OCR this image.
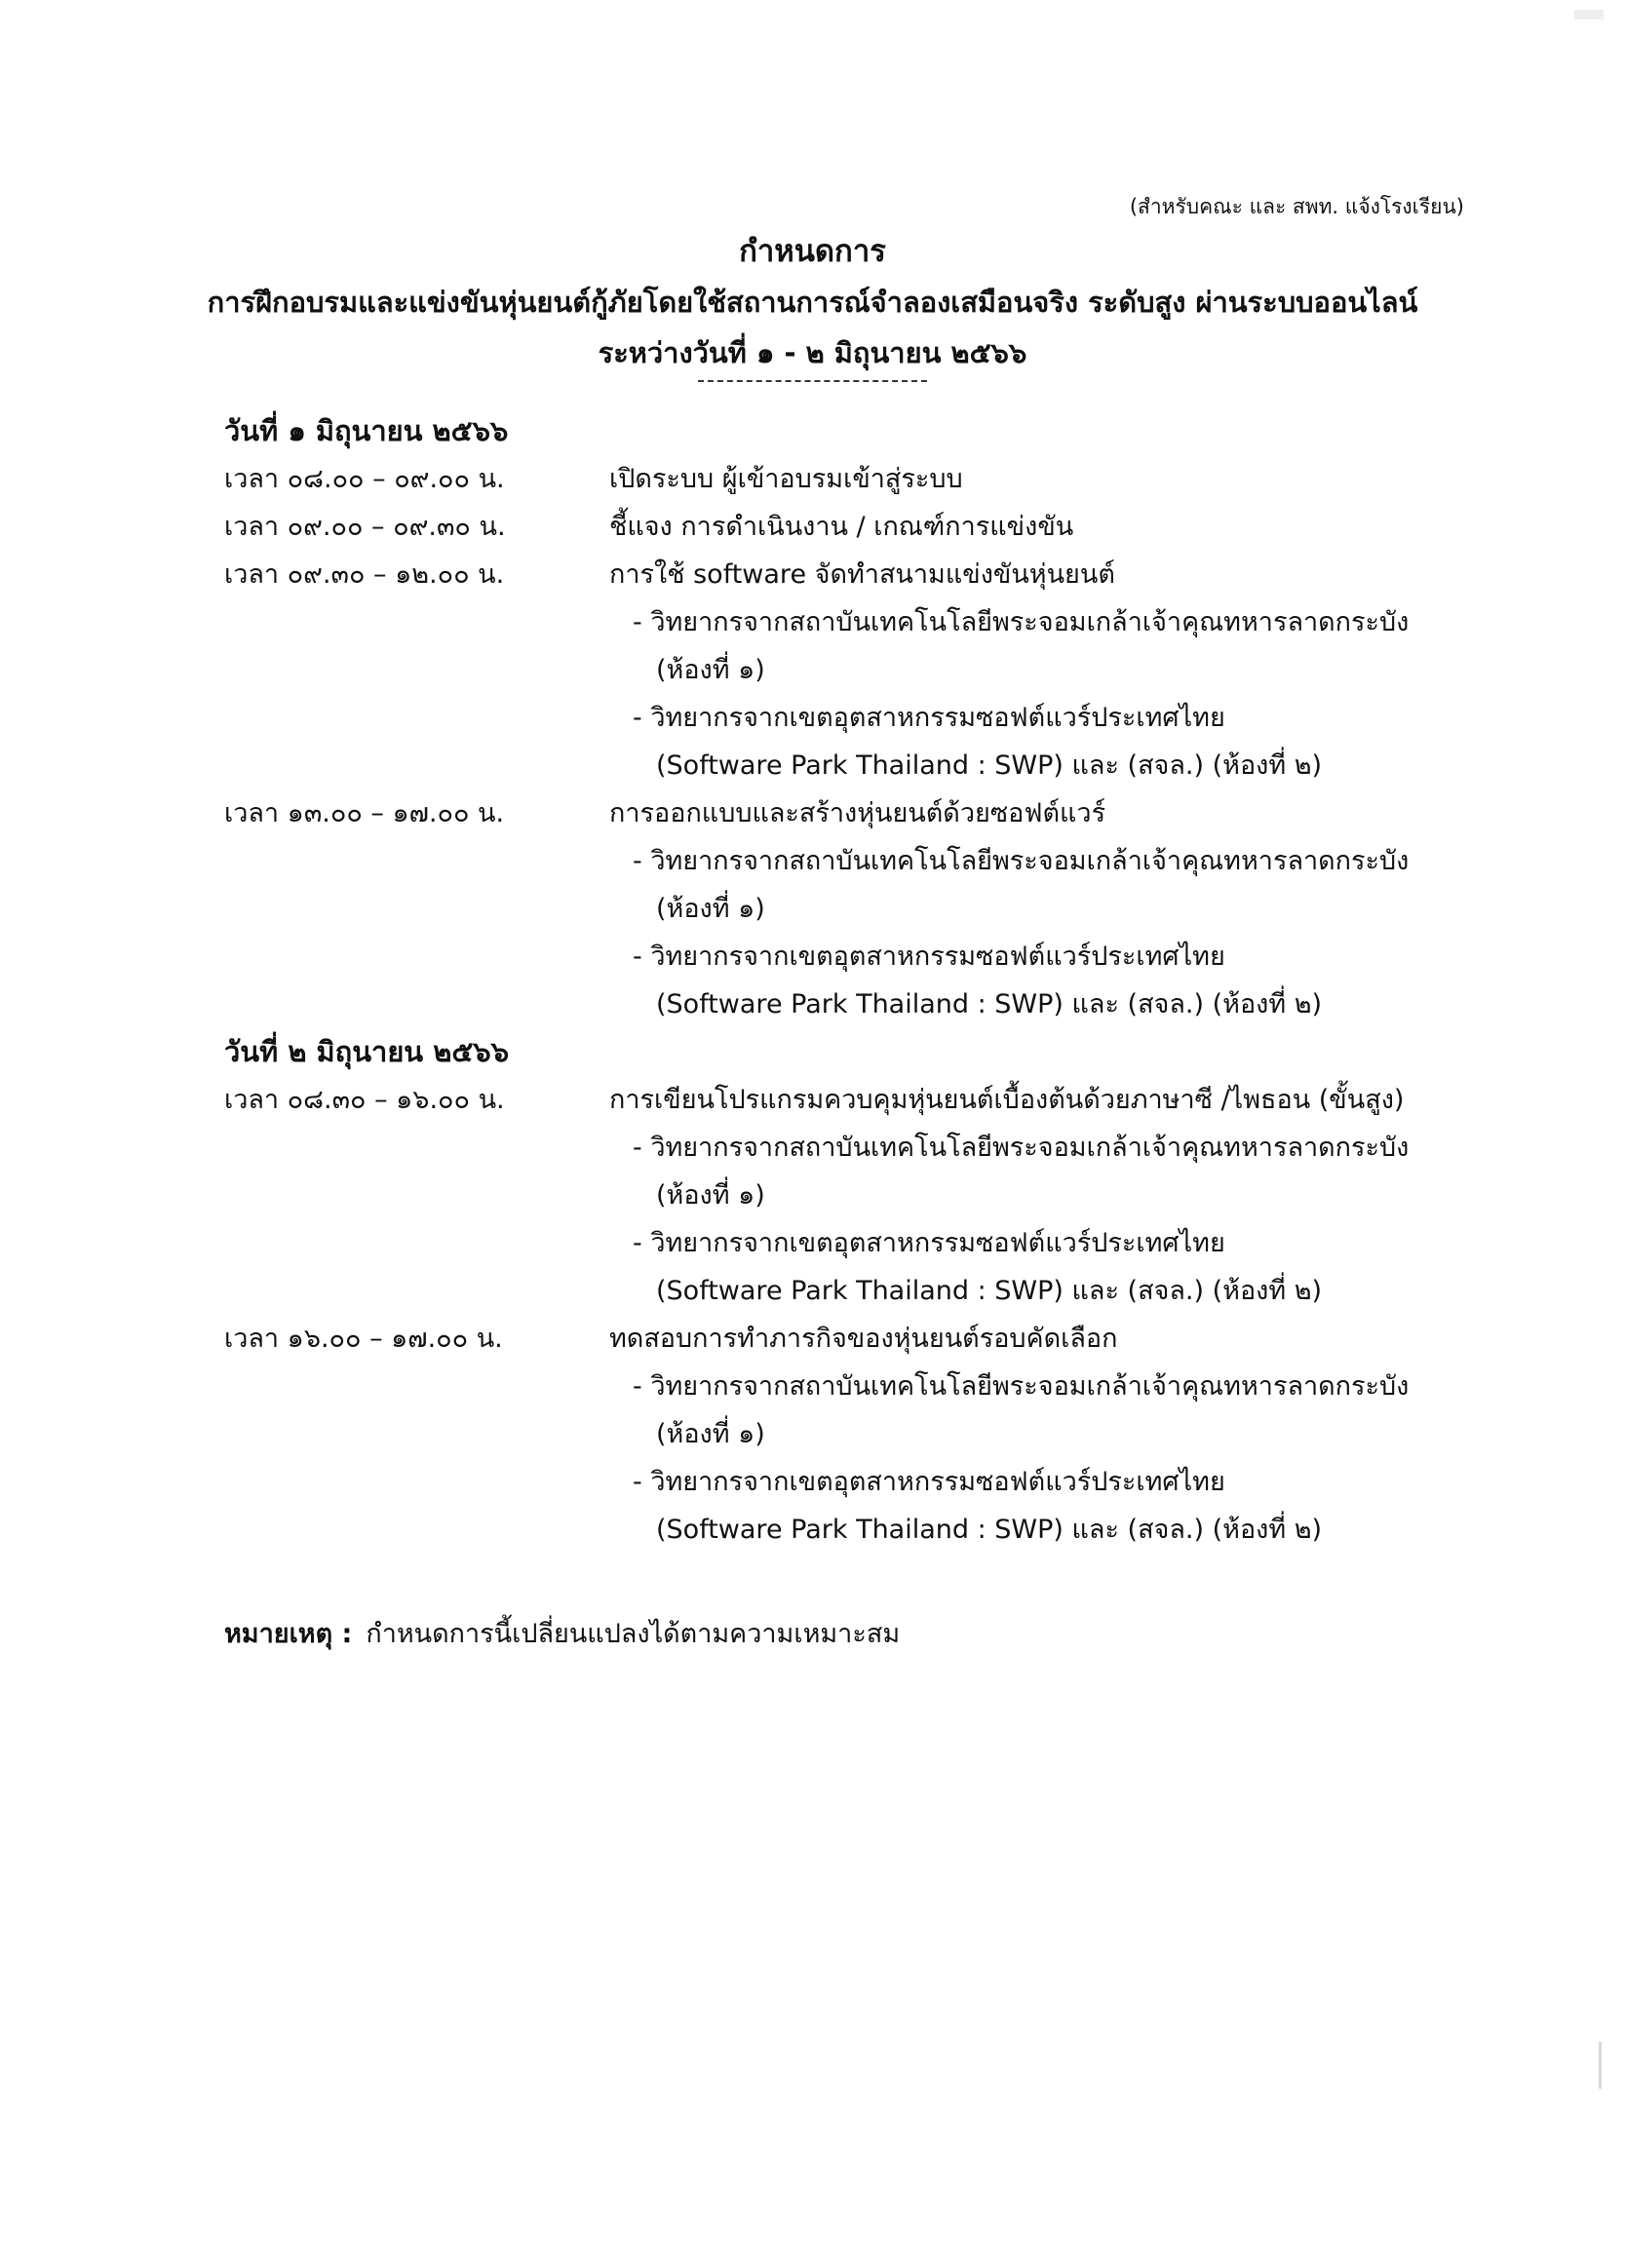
(สำหรับคณะ และ สพท. แจ้งโรงเรียน)
กำหนดการ
การฝึกอบรมและแข่งขันหุ่นยนต์กู้ภัยโดยใช้สถานการณ์จำลองเสมือนจริง ระดับสูง ผ่านระบบออนไลน์
ระหว่างวันที่ ๑ - ๒ มิถุนายน ๒๕๖๖
วันที่ ๑ มิถุนายน ๒๕๖๖
เวลา ๐๘.๐๐ – ๐๙.๐๐ น.	เปิดระบบ ผู้เข้าอบรมเข้าสู่ระบบ
เวลา ๐๙.๐๐ – ๐๙.๓๐ น.	ชี้แจง การดำเนินงาน / เกณฑ์การแข่งขัน
เวลา ๐๙.๓๐ – ๑๒.๐๐ น.	การใช้ software จัดทำสนามแข่งขันหุ่นยนต์
- วิทยากรจากสถาบันเทคโนโลยีพระจอมเกล้าเจ้าคุณทหารลาดกระบัง
(ห้องที่ ๑)
- วิทยากรจากเขตอุตสาหกรรมซอฟต์แวร์ประเทศไทย
(Software Park Thailand : SWP) และ (สจล.) (ห้องที่ ๒)
เวลา ๑๓.๐๐ – ๑๗.๐๐ น.	การออกแบบและสร้างหุ่นยนต์ด้วยซอฟต์แวร์
- วิทยากรจากสถาบันเทคโนโลยีพระจอมเกล้าเจ้าคุณทหารลาดกระบัง
(ห้องที่ ๑)
- วิทยากรจากเขตอุตสาหกรรมซอฟต์แวร์ประเทศไทย
(Software Park Thailand : SWP) และ (สจล.) (ห้องที่ ๒)
วันที่ ๒ มิถุนายน ๒๕๖๖
เวลา ๐๘.๓๐ – ๑๖.๐๐ น.	การเขียนโปรแกรมควบคุมหุ่นยนต์เบื้องต้นด้วยภาษาซี /ไพธอน (ขั้นสูง)
- วิทยากรจากสถาบันเทคโนโลยีพระจอมเกล้าเจ้าคุณทหารลาดกระบัง
(ห้องที่ ๑)
- วิทยากรจากเขตอุตสาหกรรมซอฟต์แวร์ประเทศไทย
(Software Park Thailand : SWP) และ (สจล.) (ห้องที่ ๒)
เวลา ๑๖.๐๐ – ๑๗.๐๐ น.	ทดสอบการทำภารกิจของหุ่นยนต์รอบคัดเลือก
- วิทยากรจากสถาบันเทคโนโลยีพระจอมเกล้าเจ้าคุณทหารลาดกระบัง
(ห้องที่ ๑)
- วิทยากรจากเขตอุตสาหกรรมซอฟต์แวร์ประเทศไทย
(Software Park Thailand : SWP) และ (สจล.) (ห้องที่ ๒)
หมายเหตุ : กำหนดการนี้เปลี่ยนแปลงได้ตามความเหมาะสม
